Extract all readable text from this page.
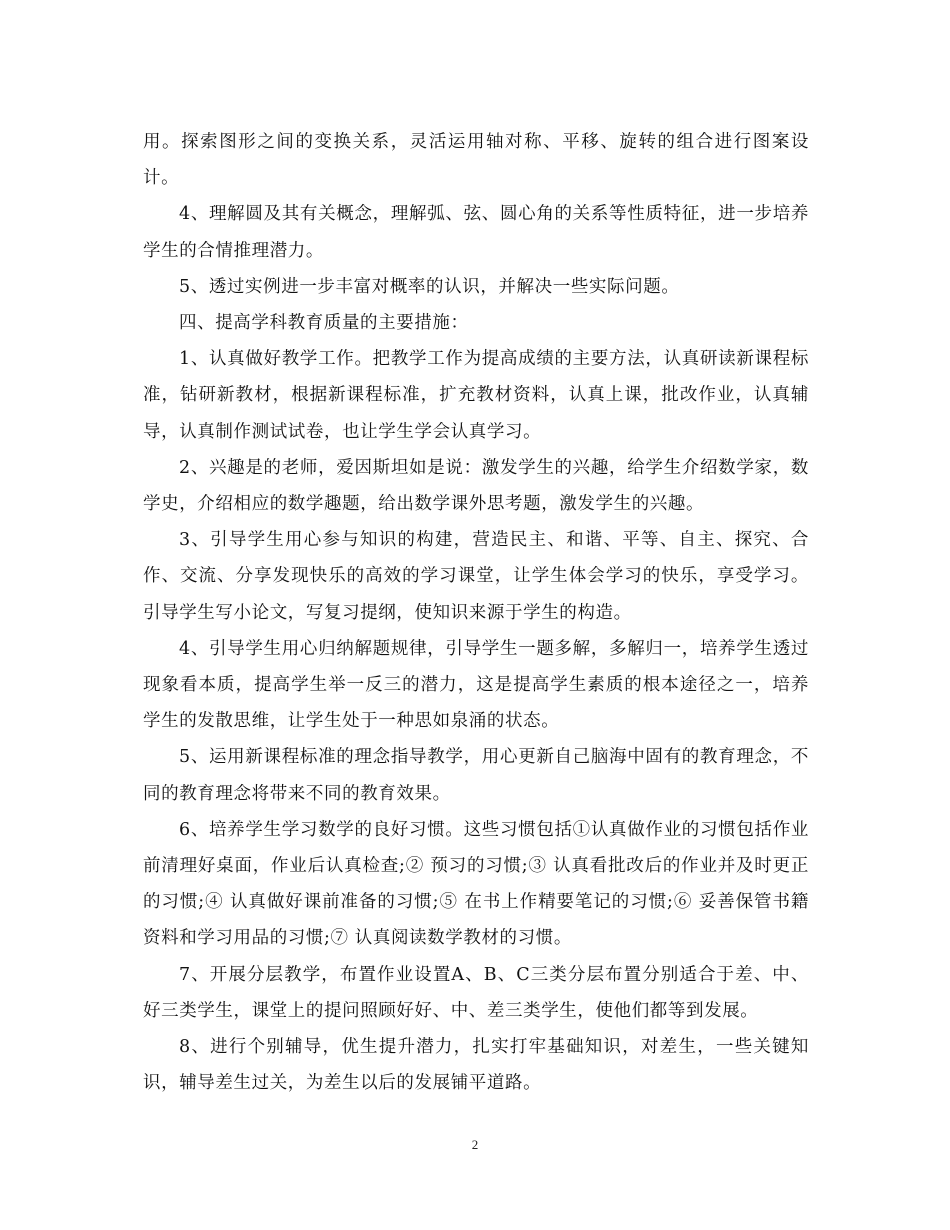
用。探索图形之间的变换关系，灵活运用轴对称、平移、旋转的组合进行图案设计。

4、理解圆及其有关概念，理解弧、弦、圆心角的关系等性质特征，进一步培养学生的合情推理潜力。

5、透过实例进一步丰富对概率的认识，并解决一些实际问题。

四、提高学科教育质量的主要措施：

1、认真做好教学工作。把教学工作为提高成绩的主要方法，认真研读新课程标准，钻研新教材，根据新课程标准，扩充教材资料，认真上课，批改作业，认真辅导，认真制作测试试卷，也让学生学会认真学习。

2、兴趣是的老师，爱因斯坦如是说：激发学生的兴趣，给学生介绍数学家，数学史，介绍相应的数学趣题，给出数学课外思考题，激发学生的兴趣。

3、引导学生用心参与知识的构建，营造民主、和谐、平等、自主、探究、合作、交流、分享发现快乐的高效的学习课堂，让学生体会学习的快乐，享受学习。引导学生写小论文，写复习提纲，使知识来源于学生的构造。

4、引导学生用心归纳解题规律，引导学生一题多解，多解归一，培养学生透过现象看本质，提高学生举一反三的潜力，这是提高学生素质的根本途径之一，培养学生的发散思维，让学生处于一种思如泉涌的状态。

5、运用新课程标准的理念指导教学，用心更新自己脑海中固有的教育理念，不同的教育理念将带来不同的教育效果。

6、培养学生学习数学的良好习惯。这些习惯包括①认真做作业的习惯包括作业前清理好桌面，作业后认真检查;② 预习的习惯;③ 认真看批改后的作业并及时更正的习惯;④ 认真做好课前准备的习惯;⑤ 在书上作精要笔记的习惯;⑥ 妥善保管书籍资料和学习用品的习惯;⑦ 认真阅读数学教材的习惯。

7、开展分层教学，布置作业设置A、B、C三类分层布置分别适合于差、中、好三类学生，课堂上的提问照顾好好、中、差三类学生，使他们都等到发展。

8、进行个别辅导，优生提升潜力，扎实打牢基础知识，对差生，一些关键知识，辅导差生过关，为差生以后的发展铺平道路。

2
